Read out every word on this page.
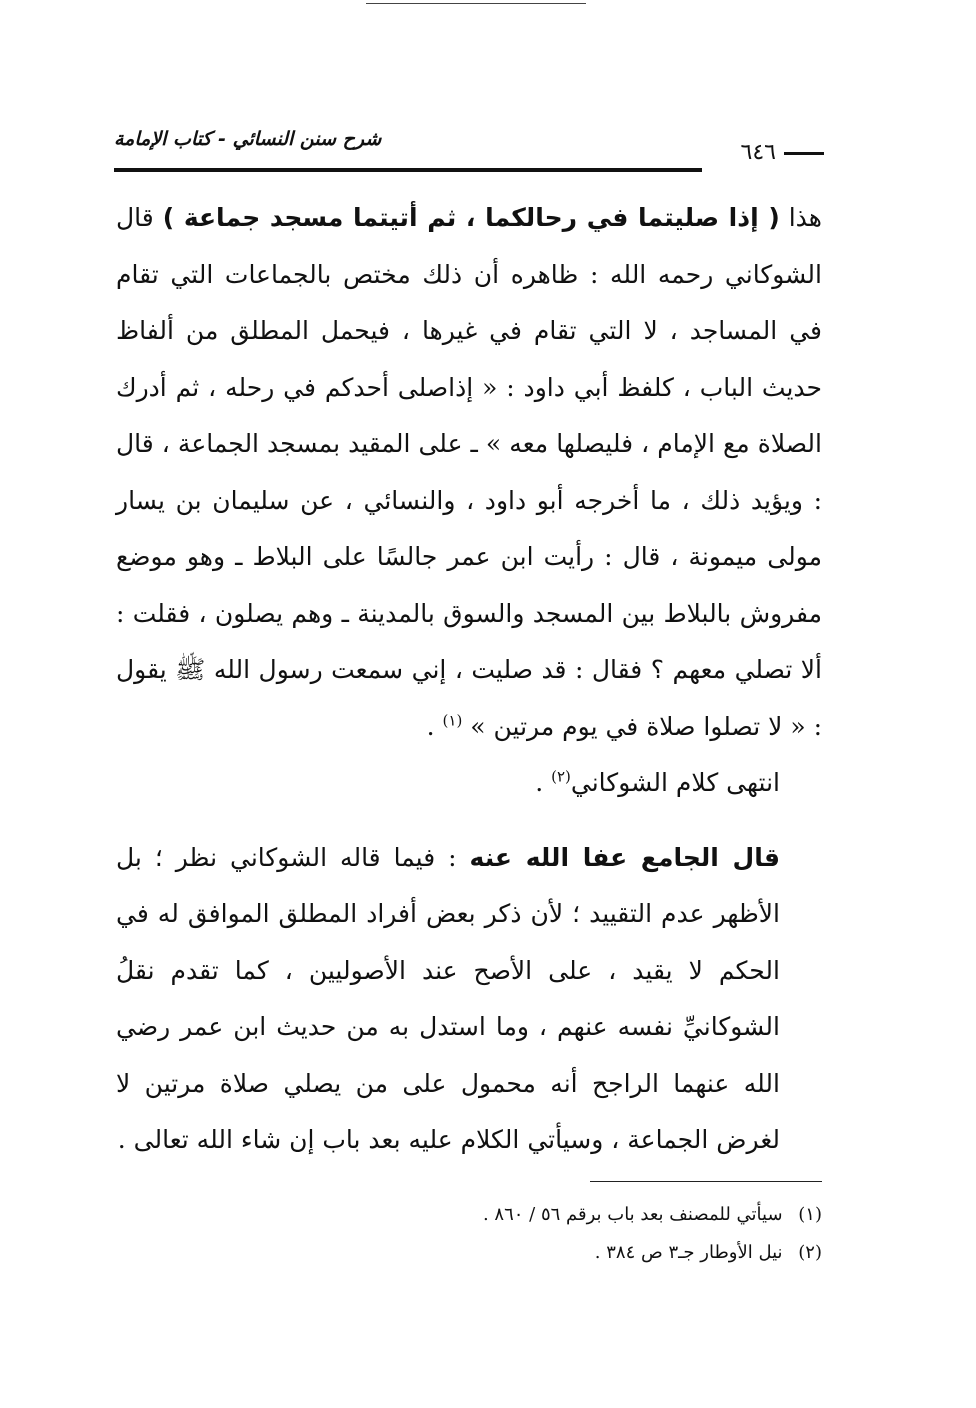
شرح سنن النسائي - كتاب الإمامة
٦٤٦

هذا ( إذا صليتما في رحالكما ، ثم أتيتما مسجد جماعة ) قال الشوكاني رحمه الله : ظاهره أن ذلك مختص بالجماعات التي تقام في المساجد ، لا التي تقام في غيرها ، فيحمل المطلق من ألفاظ حديث الباب ، كلفظ أبي داود : « إذاصلى أحدكم في رحله ، ثم أدرك الصلاة مع الإمام ، فليصلها معه » ـ على المقيد بمسجد الجماعة ، قال : ويؤيد ذلك ، ما أخرجه أبو داود ، والنسائي ، عن سليمان بن يسار مولى ميمونة ، قال : رأيت ابن عمر جالسًا على البلاط ـ وهو موضع مفروش بالبلاط بين المسجد والسوق بالمدينة ـ وهم يصلون ، فقلت : ألا تصلي معهم ؟ فقال : قد صليت ، إني سمعت رسول الله ﷺ يقول : « لا تصلوا صلاة في يوم مرتين » $^{(١)}$ .

انتهى كلام الشوكاني$^{(٢)}$ .

قال الجامع عفا الله عنه : فيما قاله الشوكاني نظر ؛ بل الأظهر عدم التقييد ؛ لأن ذكر بعض أفراد المطلق الموافق له في الحكم لا يقيد ، على الأصح عند الأصوليين ، كما تقدم نقلُ الشوكانيِّ نفسه عنهم ، وما استدل به من حديث ابن عمر رضي الله عنهما الراجح أنه محمول على من يصلي صلاة مرتين لا لغرض الجماعة ، وسيأتي الكلام عليه بعد باب إن شاء الله تعالى .

(١) سيأتي للمصنف بعد باب برقم ٥٦ / ٨٦٠ .
(٢) نيل الأوطار جـ٣ ص ٣٨٤ .
